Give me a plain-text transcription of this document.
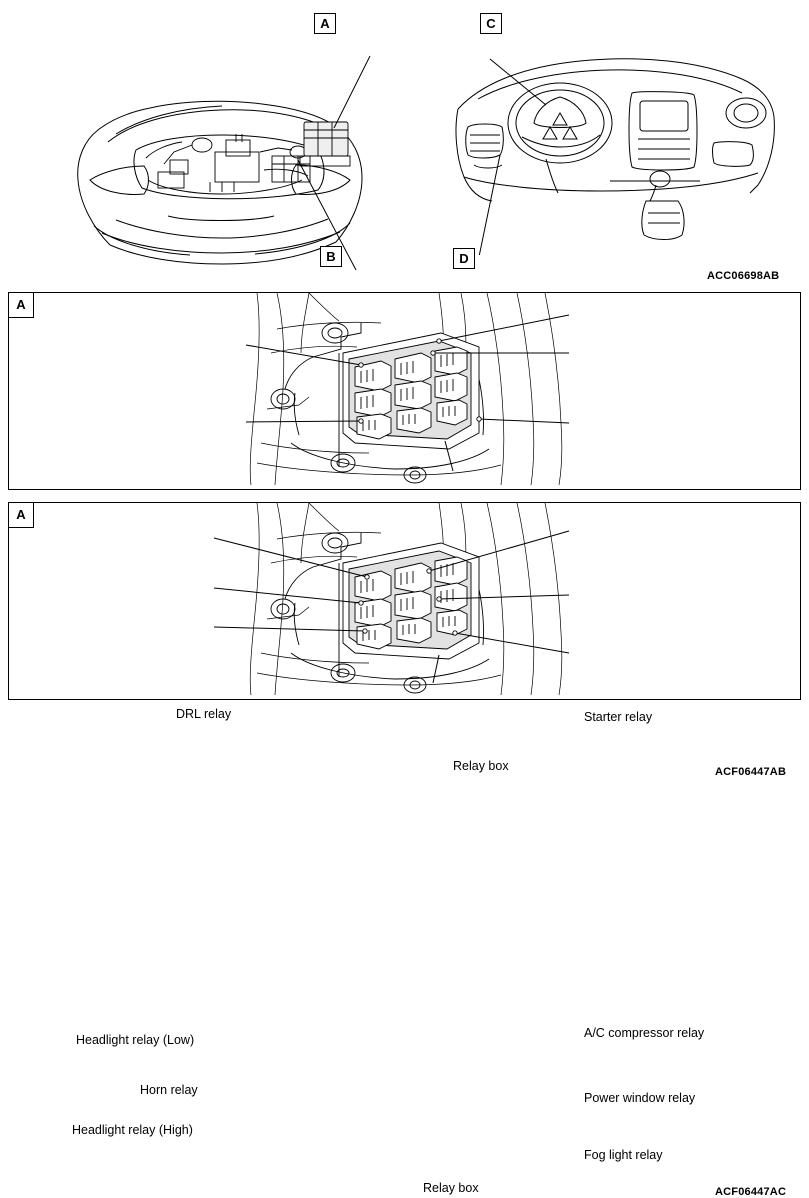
A
B
C
D
ACC06698AB
A
DRL relay	Starter relay
Relay box	ACF06447AB
A
Headlight relay (Low)
Horn relay
Headlight relay (High)
A/C compressor relay
Power window relay
Fog light relay
Relay box	ACF06447AC
